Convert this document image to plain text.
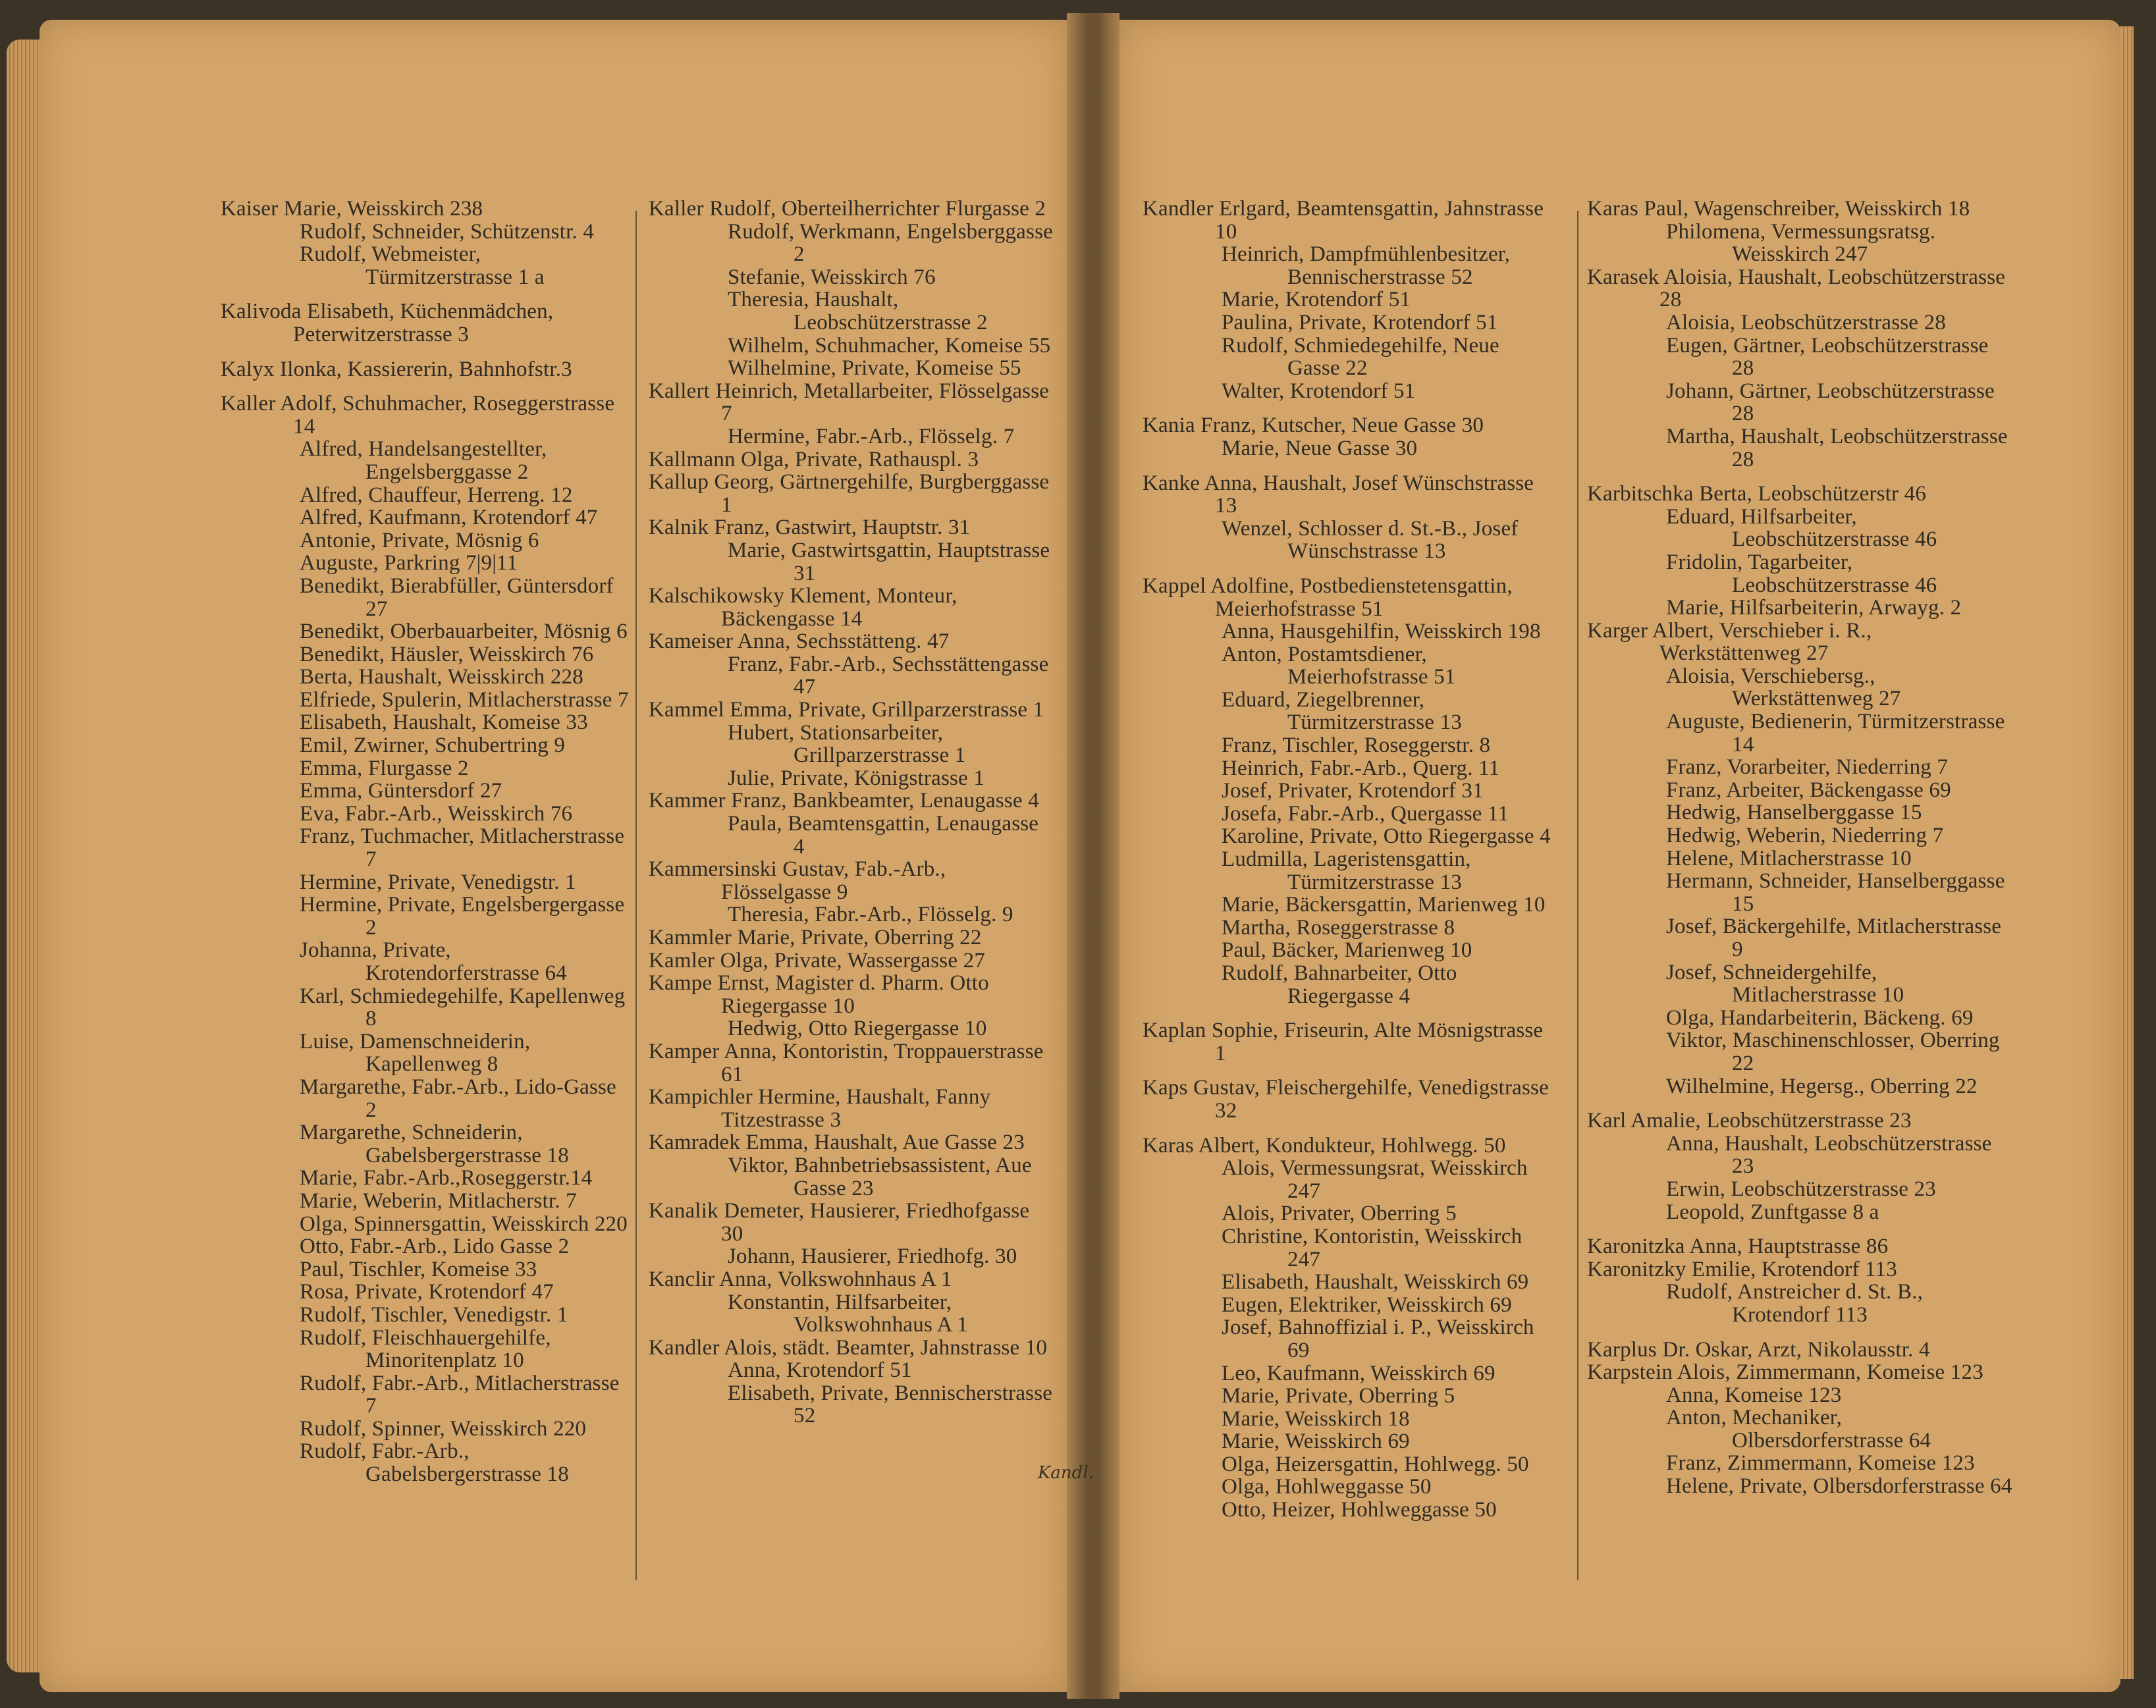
Kaiser Marie, Weisskirch 238

Rudolf, Schneider, Schützenstr. 4

Rudolf, Webmeister, Türmitzerstrasse 1 a

Kalivoda Elisabeth, Küchenmädchen, Peterwitzerstrasse 3

Kalyx Ilonka, Kassiererin, Bahnhofstr.3

Kaller Adolf, Schuhmacher, Roseggerstrasse 14

Alfred, Handelsangestellter, Engelsberggasse 2

Alfred, Chauffeur, Herreng. 12

Alfred, Kaufmann, Krotendorf 47

Antonie, Private, Mösnig 6

Auguste, Parkring 7|9|11

Benedikt, Bierabfüller, Güntersdorf 27

Benedikt, Oberbauarbeiter, Mösnig 6

Benedikt, Häusler, Weisskirch 76

Berta, Haushalt, Weisskirch 228

Elfriede, Spulerin, Mitlacherstrasse 7

Elisabeth, Haushalt, Komeise 33

Emil, Zwirner, Schubertring 9

Emma, Flurgasse 2

Emma, Güntersdorf 27

Eva, Fabr.-Arb., Weisskirch 76

Franz, Tuchmacher, Mitlacherstrasse 7

Hermine, Private, Venedigstr. 1

Hermine, Private, Engelsbergergasse 2

Johanna, Private, Krotendorferstrasse 64

Karl, Schmiedegehilfe, Kapellenweg 8

Luise, Damenschneiderin, Kapellenweg 8

Margarethe, Fabr.-Arb., Lido-Gasse 2

Margarethe, Schneiderin, Gabelsbergerstrasse 18

Marie, Fabr.-Arb.,Roseggerstr.14

Marie, Weberin, Mitlacherstr. 7

Olga, Spinnersgattin, Weisskirch 220

Otto, Fabr.-Arb., Lido Gasse 2

Paul, Tischler, Komeise 33

Rosa, Private, Krotendorf 47

Rudolf, Tischler, Venedigstr. 1

Rudolf, Fleischhauergehilfe, Minoritenplatz 10

Rudolf, Fabr.-Arb., Mitlacherstrasse 7

Rudolf, Spinner, Weisskirch 220

Rudolf, Fabr.-Arb., Gabelsbergerstrasse 18

Kaller Rudolf, Oberteilherrichter Flurgasse 2

Rudolf, Werkmann, Engelsberggasse 2

Stefanie, Weisskirch 76

Theresia, Haushalt, Leobschützerstrasse 2

Wilhelm, Schuhmacher, Komeise 55

Wilhelmine, Private, Komeise 55

Kallert Heinrich, Metallarbeiter, Flösselgasse 7

Hermine, Fabr.-Arb., Flösselg. 7

Kallmann Olga, Private, Rathauspl. 3

Kallup Georg, Gärtnergehilfe, Burgberggasse 1

Kalnik Franz, Gastwirt, Hauptstr. 31

Marie, Gastwirtsgattin, Hauptstrasse 31

Kalschikowsky Klement, Monteur, Bäckengasse 14

Kameiser Anna, Sechsstätteng. 47

Franz, Fabr.-Arb., Sechsstättengasse 47

Kammel Emma, Private, Grillparzerstrasse 1

Hubert, Stationsarbeiter, Grillparzerstrasse 1

Julie, Private, Königstrasse 1

Kammer Franz, Bankbeamter, Lenaugasse 4

Paula, Beamtensgattin, Lenaugasse 4

Kammersinski Gustav, Fab.-Arb., Flösselgasse 9

Theresia, Fabr.-Arb., Flösselg. 9

Kammler Marie, Private, Oberring 22

Kamler Olga, Private, Wassergasse 27

Kampe Ernst, Magister d. Pharm. Otto Riegergasse 10

Hedwig, Otto Riegergasse 10

Kamper Anna, Kontoristin, Troppauerstrasse 61

Kampichler Hermine, Haushalt, Fanny Titzestrasse 3

Kamradek Emma, Haushalt, Aue Gasse 23

Viktor, Bahnbetriebsassistent, Aue Gasse 23

Kanalik Demeter, Hausierer, Friedhofgasse 30

Johann, Hausierer, Friedhofg. 30

Kanclir Anna, Volkswohnhaus A 1

Konstantin, Hilfsarbeiter, Volkswohnhaus A 1

Kandler Alois, städt. Beamter, Jahnstrasse 10

Anna, Krotendorf 51

Elisabeth, Private, Bennischerstrasse 52

Kandler Erlgard, Beamtensgattin, Jahnstrasse 10

Heinrich, Dampfmühlenbesitzer, Bennischerstrasse 52

Marie, Krotendorf 51

Paulina, Private, Krotendorf 51

Rudolf, Schmiedegehilfe, Neue Gasse 22

Walter, Krotendorf 51

Kania Franz, Kutscher, Neue Gasse 30

Marie, Neue Gasse 30

Kanke Anna, Haushalt, Josef Wünschstrasse 13

Wenzel, Schlosser d. St.-B., Josef Wünschstrasse 13

Kappel Adolfine, Postbedienstetensgattin, Meierhofstrasse 51

Anna, Hausgehilfin, Weisskirch 198

Anton, Postamtsdiener, Meierhofstrasse 51

Eduard, Ziegelbrenner, Türmitzerstrasse 13

Franz, Tischler, Roseggerstr. 8

Heinrich, Fabr.-Arb., Querg. 11

Josef, Privater, Krotendorf 31

Josefa, Fabr.-Arb., Quergasse 11

Karoline, Private, Otto Riegergasse 4

Ludmilla, Lageristensgattin, Türmitzerstrasse 13

Marie, Bäckersgattin, Marienweg 10

Martha, Roseggerstrasse 8

Paul, Bäcker, Marienweg 10

Rudolf, Bahnarbeiter, Otto Riegergasse 4

Kaplan Sophie, Friseurin, Alte Mösnigstrasse 1

Kaps Gustav, Fleischergehilfe, Venedigstrasse 32

Karas Albert, Kondukteur, Hohlwegg. 50

Alois, Vermessungsrat, Weisskirch 247

Alois, Privater, Oberring 5

Christine, Kontoristin, Weisskirch 247

Elisabeth, Haushalt, Weisskirch 69

Eugen, Elektriker, Weisskirch 69

Josef, Bahnoffizial i. P., Weisskirch 69

Leo, Kaufmann, Weisskirch 69

Marie, Private, Oberring 5

Marie, Weisskirch 18

Marie, Weisskirch 69

Olga, Heizersgattin, Hohlwegg. 50

Olga, Hohlweggasse 50

Otto, Heizer, Hohlweggasse 50

Karas Paul, Wagenschreiber, Weisskirch 18

Philomena, Vermessungsratsg. Weisskirch 247

Karasek Aloisia, Haushalt, Leobschützerstrasse 28

Aloisia, Leobschützerstrasse 28

Eugen, Gärtner, Leobschützerstrasse 28

Johann, Gärtner, Leobschützerstrasse 28

Martha, Haushalt, Leobschützerstrasse 28

Karbitschka Berta, Leobschützerstr 46

Eduard, Hilfsarbeiter, Leobschützerstrasse 46

Fridolin, Tagarbeiter, Leobschützerstrasse 46

Marie, Hilfsarbeiterin, Arwayg. 2

Karger Albert, Verschieber i. R., Werkstättenweg 27

Aloisia, Verschiebersg., Werkstättenweg 27

Auguste, Bedienerin, Türmitzerstrasse 14

Franz, Vorarbeiter, Niederring 7

Franz, Arbeiter, Bäckengasse 69

Hedwig, Hanselberggasse 15

Hedwig, Weberin, Niederring 7

Helene, Mitlacherstrasse 10

Hermann, Schneider, Hanselberggasse 15

Josef, Bäckergehilfe, Mitlacherstrasse 9

Josef, Schneidergehilfe, Mitlacherstrasse 10

Olga, Handarbeiterin, Bäckeng. 69

Viktor, Maschinenschlosser, Oberring 22

Wilhelmine, Hegersg., Oberring 22

Karl Amalie, Leobschützerstrasse 23

Anna, Haushalt, Leobschützerstrasse 23

Erwin, Leobschützerstrasse 23

Leopold, Zunftgasse 8 a

Karonitzka Anna, Hauptstrasse 86

Karonitzky Emilie, Krotendorf 113

Rudolf, Anstreicher d. St. B., Krotendorf 113

Karplus Dr. Oskar, Arzt, Nikolausstr. 4

Karpstein Alois, Zimmermann, Komeise 123

Anna, Komeise 123

Anton, Mechaniker, Olbersdorferstrasse 64

Franz, Zimmermann, Komeise 123

Helene, Private, Olbersdorferstrasse 64

Kandl.
